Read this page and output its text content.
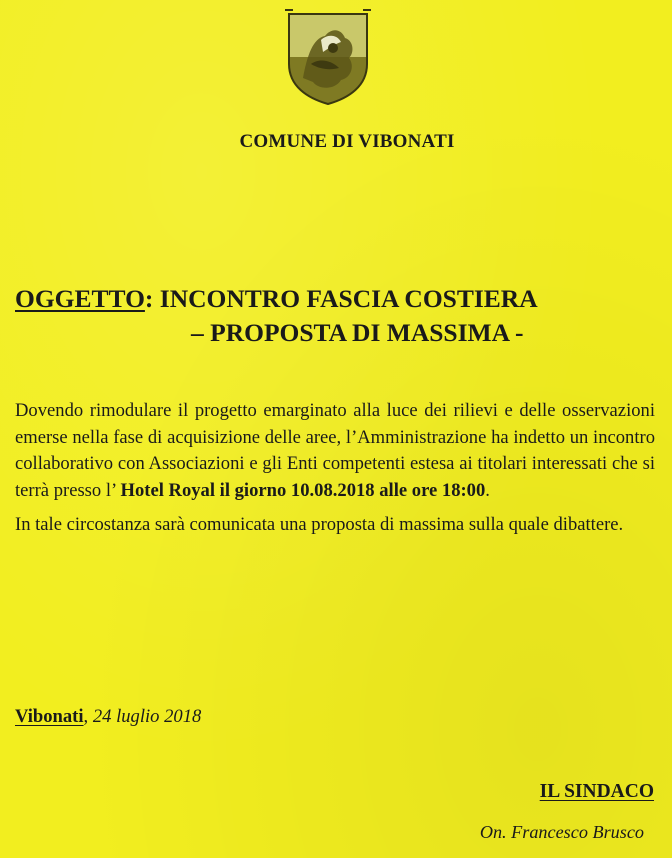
COMUNE DI VIBONATI
OGGETTO: INCONTRO FASCIA COSTIERA
– PROPOSTA DI MASSIMA -

Dovendo rimodulare il progetto emarginato alla luce dei rilievi e delle osservazioni emerse nella fase di acquisizione delle aree, l’Amministrazione ha indetto un incontro collaborativo con Associazioni e gli Enti competenti estesa ai titolari interessati che si terrà presso l’ Hotel Royal il giorno 10.08.2018 alle ore 18:00.

In tale circostanza sarà comunicata una proposta di massima sulla quale dibattere.

Vibonati, 24 luglio 2018
IL SINDACO
On. Francesco Brusco
